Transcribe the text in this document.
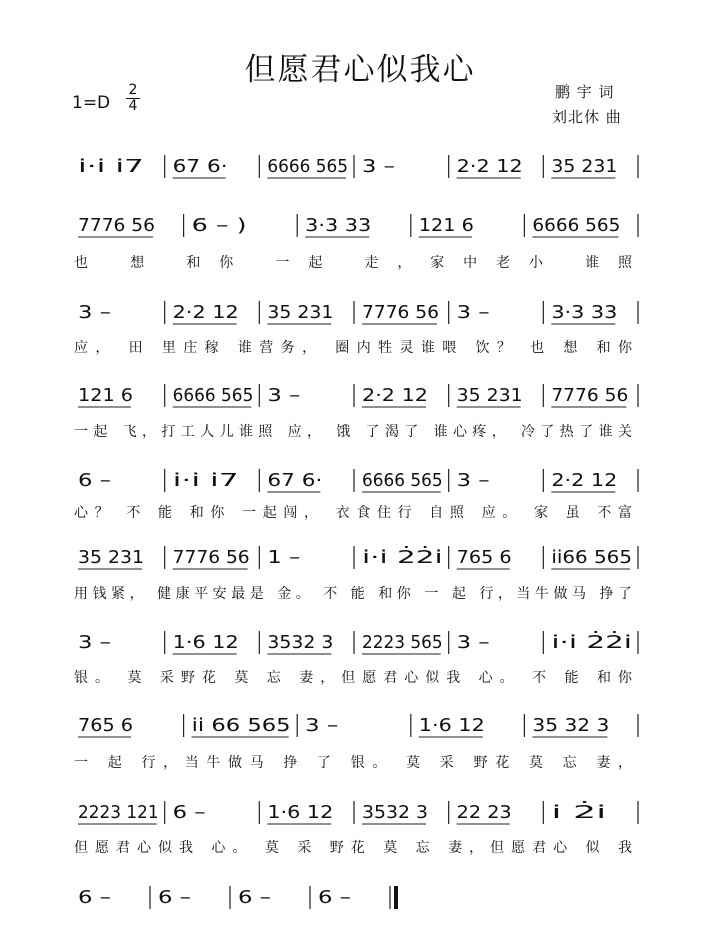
但愿君心似我心
1=D
2
4
鹏 宇 词
刘北休 曲
i·i i7 67 6· 6666 565 3 –	2·2 12 35 231
7776 56 6 – )	3·3 33	121 6	6666 565
也 想 和你 一起 走，家中老小 谁照
3 –	2·2 12 35 231 7776 56 3 –	3·3 33
应， 田 里庄稼 谁营务， 圈内牲灵谁喂 饮？ 也 想 和你
121 6 6666 565 3 –	2·2 12 35 231 7776 56
一起 飞，打工人儿谁照 应， 饿 了渴了 谁心疼， 冷了热了谁关
6 –	i·i i7 67 6· 6666 565 3 –	2·2 12
心？ 不 能 和你 一起闯， 衣食住行 自照 应。 家 虽 不富
35 231 7776 56 1 –	i·i 2̇2̇i	765 6 ii66 565
用钱紧， 健康平安最是 金。 不 能 和你 一 起 行，当牛做马 挣了
3 –	1·6 12 3532 3 2223 565 3 –	i·i 2̇2̇i
银。 莫 采野花 莫 忘 妻，但愿君心似我 心。 不 能 和你
765 6	ii 66 565 3 –	1·6 12	35 32 3
一 起 行，当牛做马 挣 了 银。 莫 采 野花 莫 忘 妻，
2223 121 6 –	1·6 12 3532 3 22 23 i 2̇i
但愿君心似我 心。 莫 采 野花 莫 忘 妻，但愿君心 似 我
6 –	6 –	6 –	6 –
